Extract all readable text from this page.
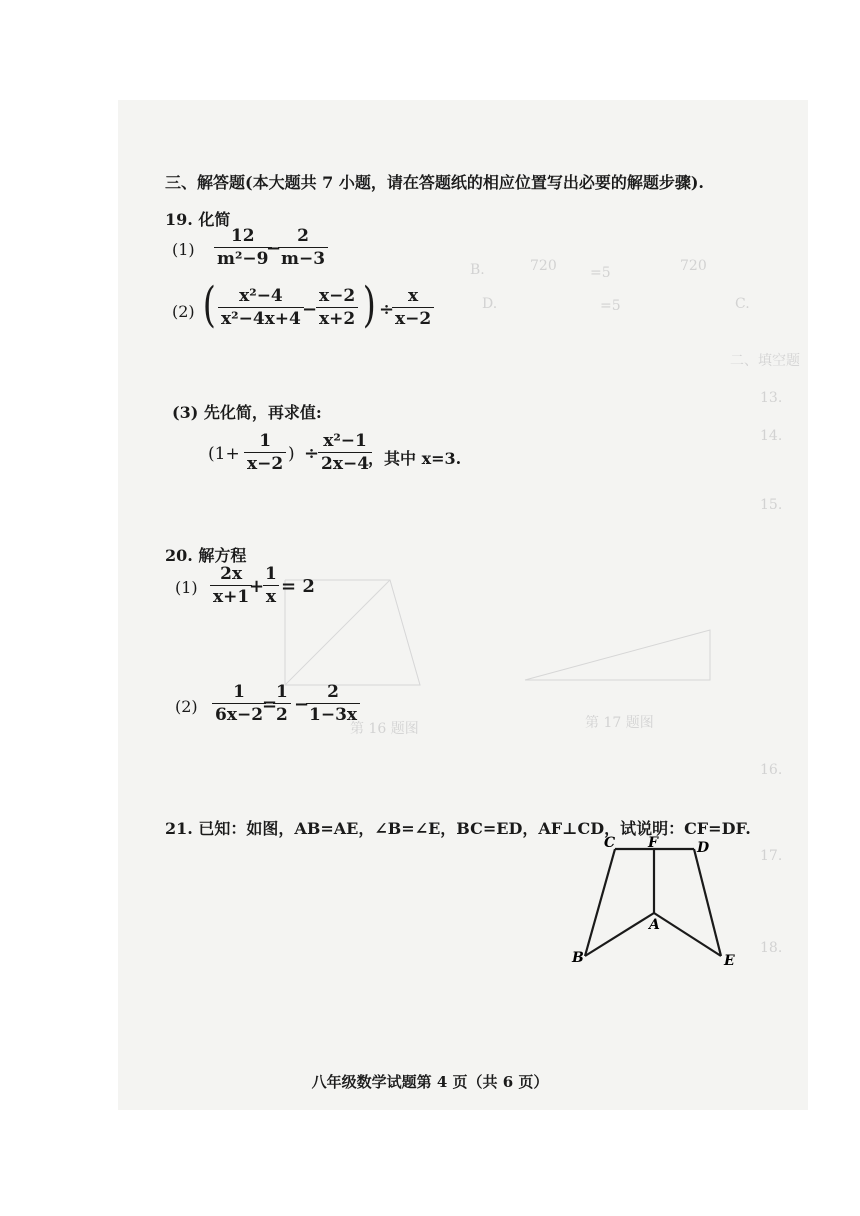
720
720 =5
B.
C.
D.	=5
二、填空题
13.
14.
15.
16.
17.
18.
第 16 题图	第 17 题图
三、解答题(本大题共 7 小题，请在答题纸的相应位置写出必要的解题步骤).
19. 化简
$(1) \frac{12}{\text{m²−9}}$
−
$\frac{2}{m-3}$
(2) ( $\frac{\text{x²−4}}{\text{x²−4x+4}}$
−
$\frac{x-2}{x+2}$ ) ÷
$\frac{x}{x-2}$
(3) 先化简，再求值:
($1+ \frac{1}{x-2}$ ) ÷
$\frac{\text{x²−1}}{2x-4}$
，其中 x=3.
20. 解方程
$(1) \frac{2x}{x+1}$
+
$\frac{1}{x} = 2$
$(2) \frac{1}{6x-2}$
=
$\frac{1}{2}$ −
$\frac{2}{1-3x}$
21. 已知：如图，AB=AE，∠B=∠E，BC=ED，AF⊥CD，试说明：CF=DF.
C F	D
A
B	E
八年级数学试题第 4 页（共 6 页）
